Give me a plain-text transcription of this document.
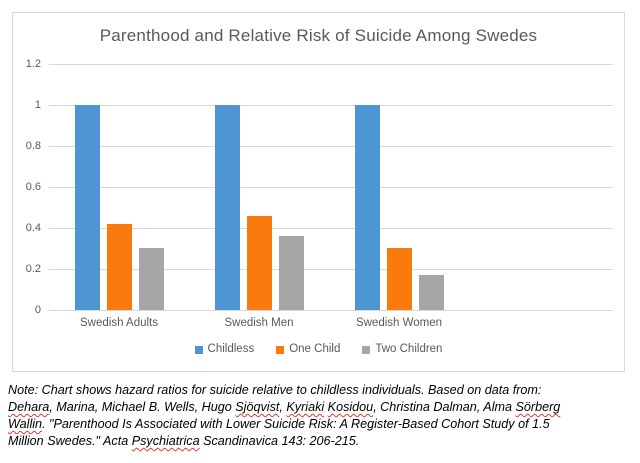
Parenthood and Relative Risk of Suicide Among Swedes
1.2
1
0.8
0.6
0.4
0.2
0
Swedish Adults	Swedish Men	Swedish Women
Childless	One Child	Two Children
Note: Chart shows hazard ratios for suicide relative to childless individuals. Based on data from:
Dehara, Marina, Michael B. Wells, Hugo Sjöqvist, Kyriaki Kosidou, Christina Dalman, Alma Sörberg
Wallin. "Parenthood Is Associated with Lower Suicide Risk: A Register-Based Cohort Study of 1.5
Million Swedes." Acta Psychiatrica Scandinavica 143: 206-215.
